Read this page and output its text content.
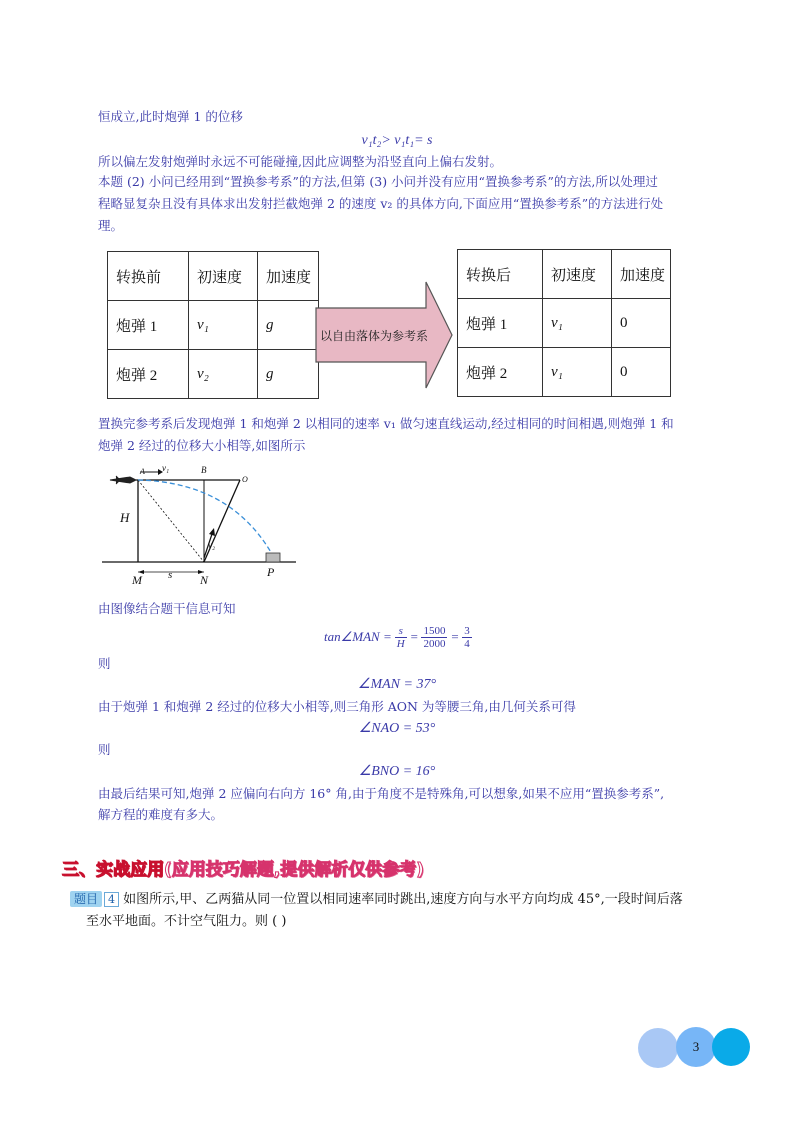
恒成立,此时炮弹 1 的位移
v₁t₂> v₁t₁= s
所以偏左发射炮弹时永远不可能碰撞,因此应调整为沿竖直向上偏右发射。
本题 (2) 小问已经用到“置换参考系”的方法,但第 (3) 小问并没有应用“置换参考系”的方法,所以处理过
程略显复杂且没有具体求出发射拦截炮弹 2 的速度 v₂ 的具体方向,下面应用“置换参考系”的方法进行处
理。
转换前	初速度	加速度
炮弹 1	v₁	g
炮弹 2	v₂	g
以自由落体为参考系
转换后	初速度	加速度
炮弹 1	v₁	0
炮弹 2	v₁	0
置换完参考系后发现炮弹 1 和炮弹 2 以相同的速率 v₁ 做匀速直线运动,经过相同的时间相遇,则炮弹 1 和
炮弹 2 经过的位移大小相等,如图所示
A	B
O
H
M	N
P
s
v₁
v₂
由图像结合题干信息可知
tan∠MAN = $\frac{s}{H} = \frac{1500}{2000} = \frac{3}{4}$
则
∠MAN = 37°
由于炮弹 1 和炮弹 2 经过的位移大小相等,则三角形 AON 为等腰三角,由几何关系可得
∠NAO = 53°
则
∠BNO = 16°
由最后结果可知,炮弹 2 应偏向右向方 16° 角,由于角度不是特殊角,可以想象,如果不应用“置换参考系”,
解方程的难度有多大。
三、实战应用(应用技巧解题,提供解析仅供参考)
题目 4 如图所示,甲、乙两猫从同一位置以相同速率同时跳出,速度方向与水平方向均成 45°,一段时间后落
至水平地面。不计空气阻力。则 ( )
3
